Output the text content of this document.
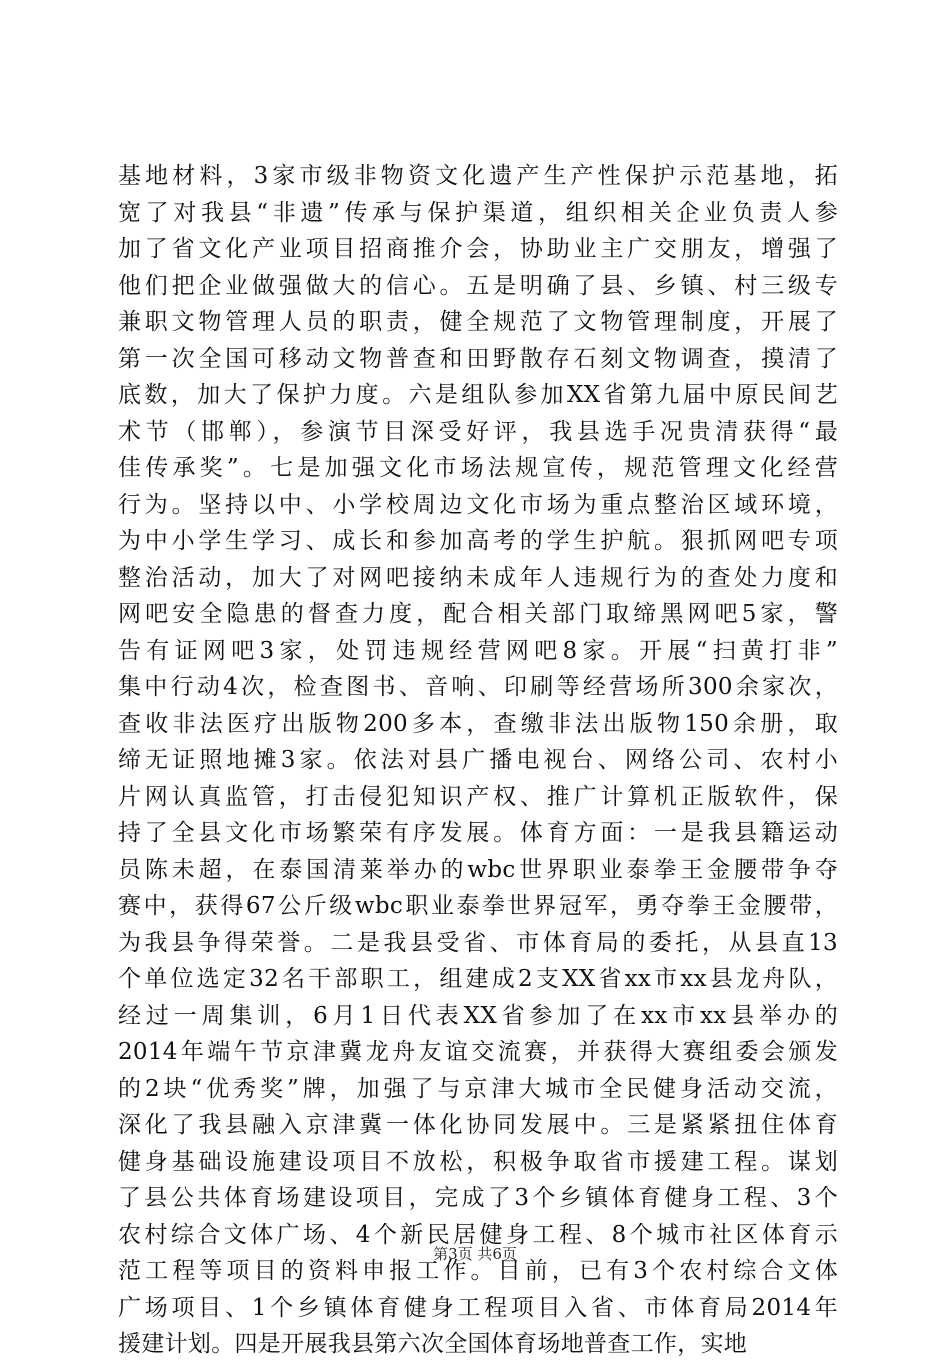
基地材料，3家市级非物资文化遗产生产性保护示范基地，拓
宽了对我县“非遗”传承与保护渠道，组织相关企业负责人参
加了省文化产业项目招商推介会，协助业主广交朋友，增强了
他们把企业做强做大的信心。五是明确了县、乡镇、村三级专
兼职文物管理人员的职责，健全规范了文物管理制度，开展了
第一次全国可移动文物普查和田野散存石刻文物调查，摸清了
底数，加大了保护力度。六是组队参加XX省第九届中原民间艺
术节（邯郸），参演节目深受好评，我县选手况贵清获得“最
佳传承奖”。七是加强文化市场法规宣传，规范管理文化经营
行为。坚持以中、小学校周边文化市场为重点整治区域环境，
为中小学生学习、成长和参加高考的学生护航。狠抓网吧专项
整治活动，加大了对网吧接纳未成年人违规行为的查处力度和
网吧安全隐患的督查力度，配合相关部门取缔黑网吧5家，警
告有证网吧3家，处罚违规经营网吧8家。开展“扫黄打非”
集中行动4次，检查图书、音响、印刷等经营场所300余家次，
查收非法医疗出版物200多本，查缴非法出版物150余册，取
缔无证照地摊3家。依法对县广播电视台、网络公司、农村小
片网认真监管，打击侵犯知识产权、推广计算机正版软件，保
持了全县文化市场繁荣有序发展。体育方面：一是我县籍运动
员陈未超，在泰国清莱举办的wbc世界职业泰拳王金腰带争夺
赛中，获得67公斤级wbc职业泰拳世界冠军，勇夺拳王金腰带，
为我县争得荣誉。二是我县受省、市体育局的委托，从县直13
个单位选定32名干部职工，组建成2支XX省xx市xx县龙舟队，
经过一周集训，6月1日代表XX省参加了在xx市xx县举办的
2014年端午节京津冀龙舟友谊交流赛，并获得大赛组委会颁发
的2块“优秀奖”牌，加强了与京津大城市全民健身活动交流，
深化了我县融入京津冀一体化协同发展中。三是紧紧扭住体育
健身基础设施建设项目不放松，积极争取省市援建工程。谋划
了县公共体育场建设项目，完成了3个乡镇体育健身工程、3个
农村综合文体广场、4个新民居健身工程、8个城市社区体育示
范工程等项目的资料申报工作。目前，已有3个农村综合文体
广场项目、1个乡镇体育健身工程项目入省、市体育局2014年
援建计划。四是开展我县第六次全国体育场地普查工作，实地
第3页 共6页
